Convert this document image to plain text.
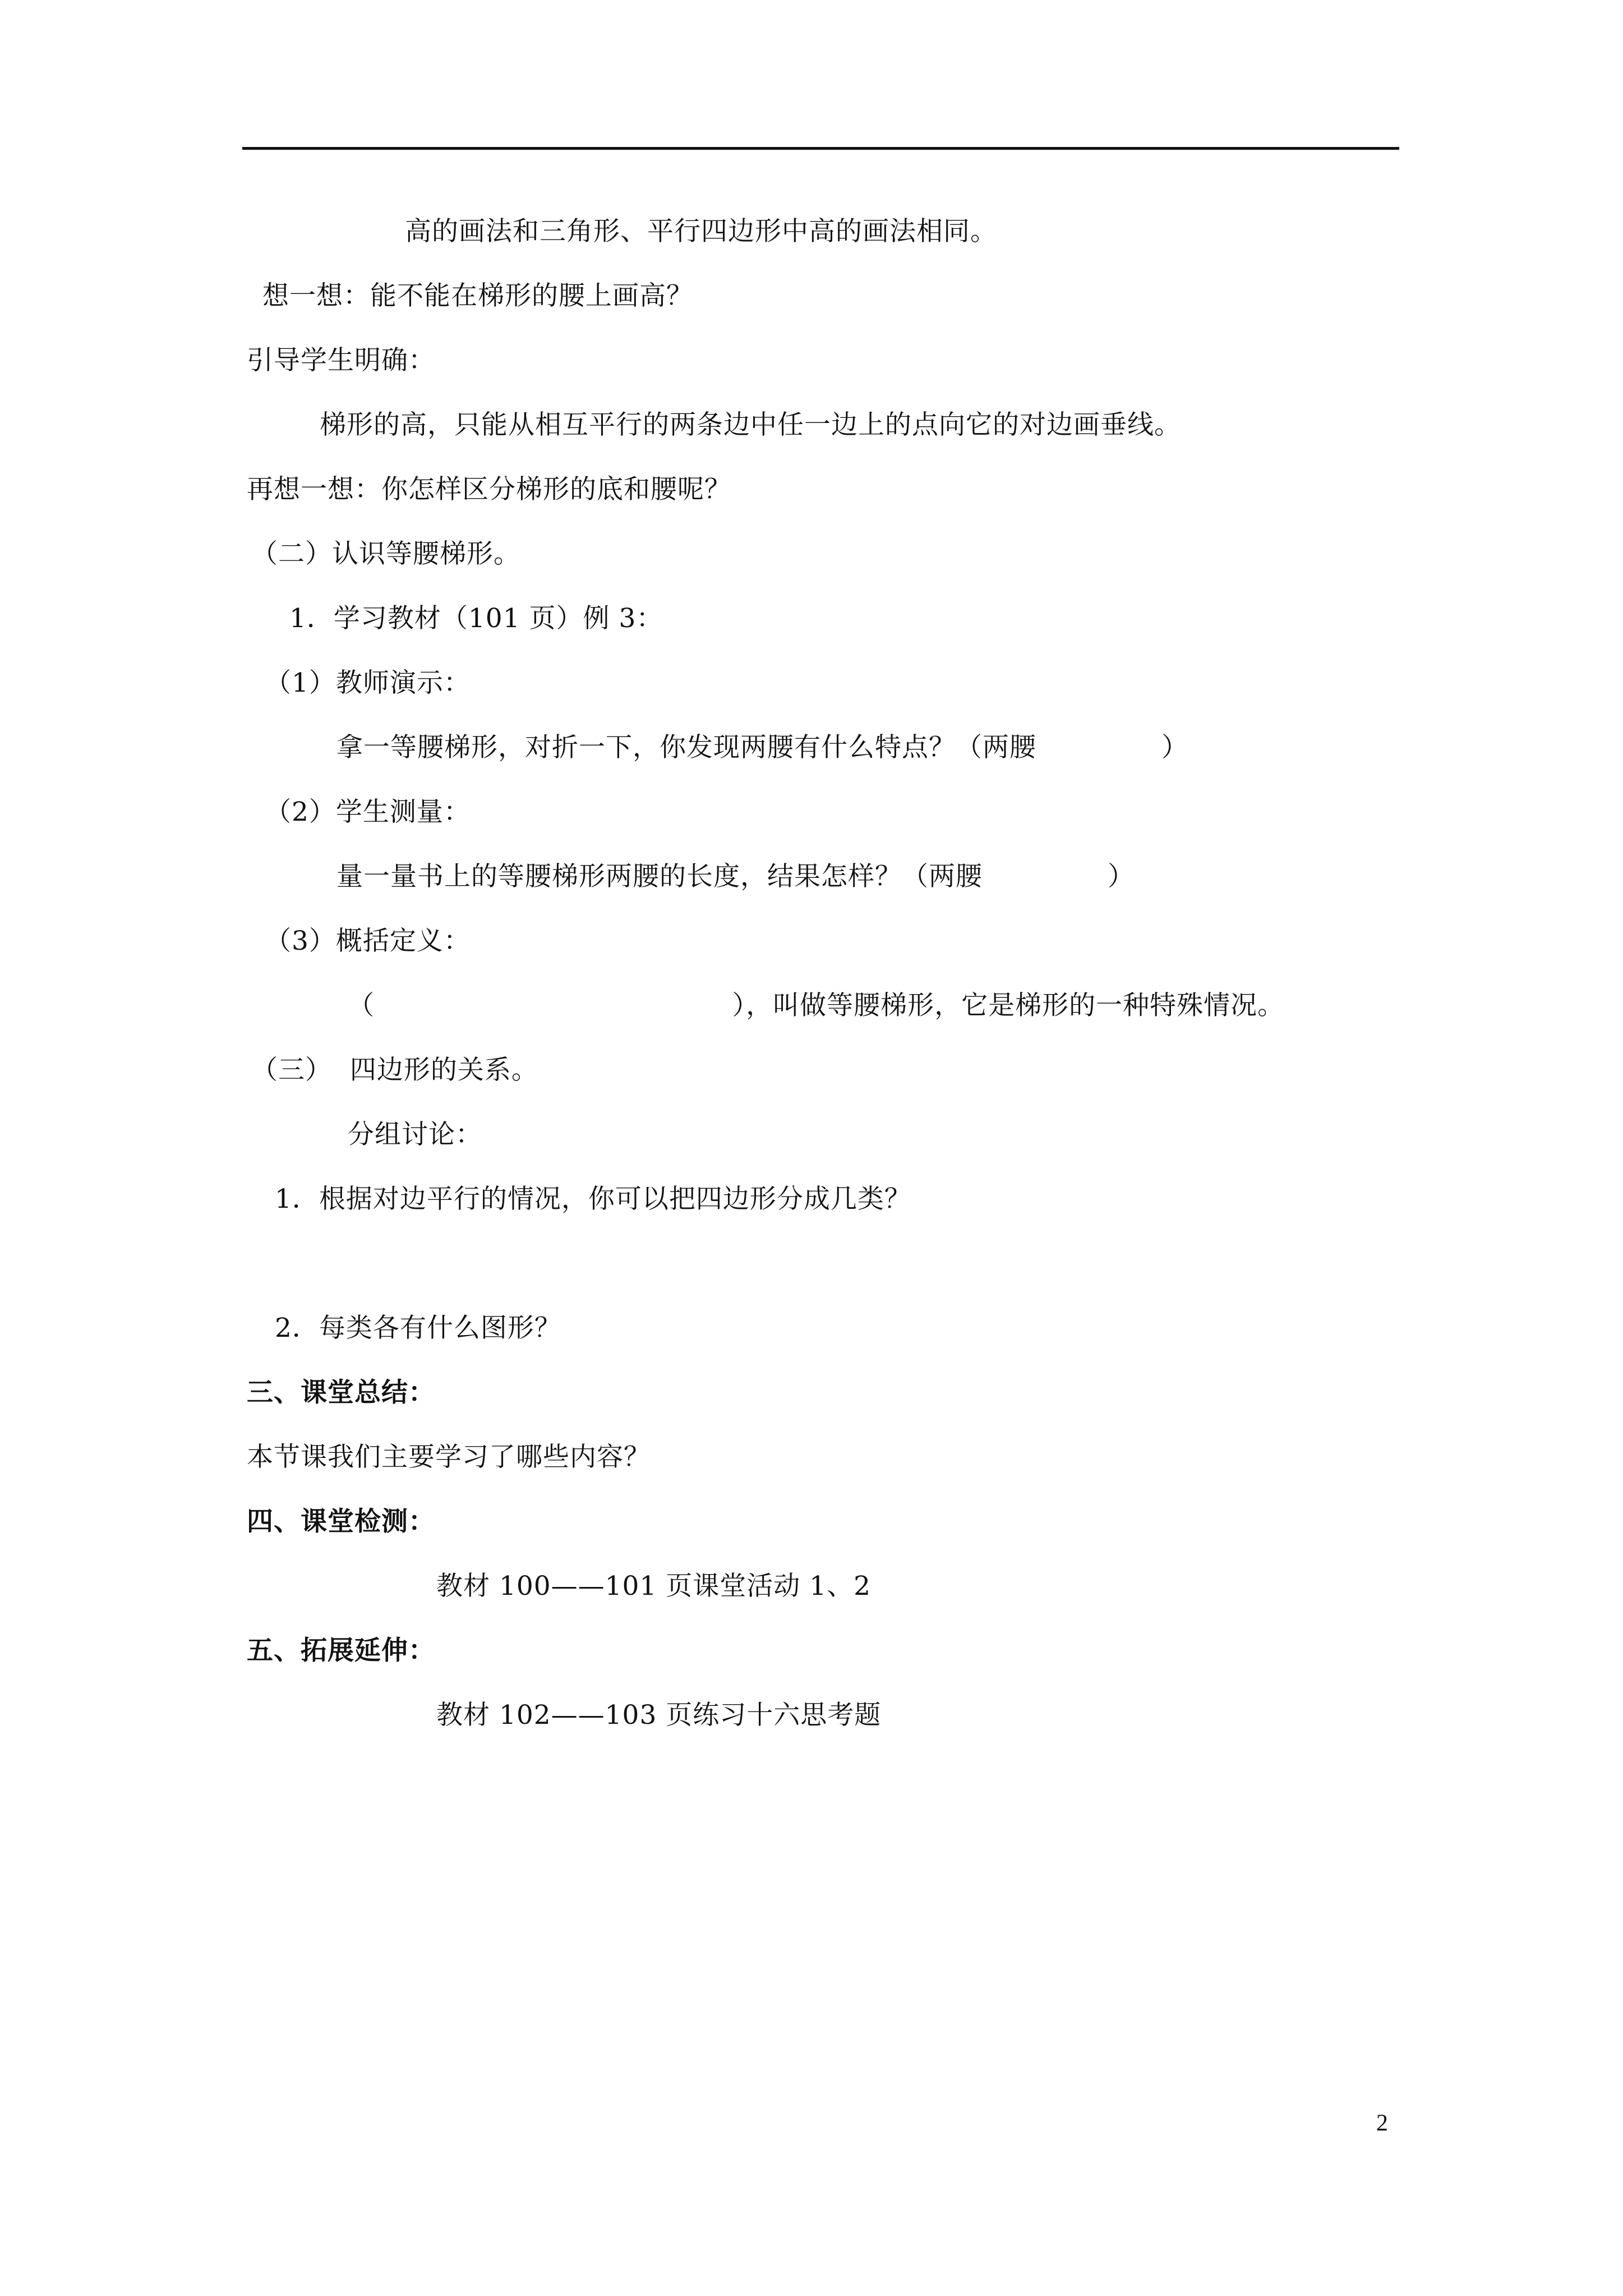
高的画法和三角形、平行四边形中高的画法相同。
想一想：能不能在梯形的腰上画高？
引导学生明确：
梯形的高，只能从相互平行的两条边中任一边上的点向它的对边画垂线。
再想一想：你怎样区分梯形的底和腰呢？
（二）认识等腰梯形。
1．学习教材（101 页）例 3：
（1）教师演示：
拿一等腰梯形，对折一下，你发现两腰有什么特点？（两腰              ）
（2）学生测量：
量一量书上的等腰梯形两腰的长度，结果怎样？（两腰              ）
（3）概括定义：
（                                        ），叫做等腰梯形，它是梯形的一种特殊情况。
（三）  四边形的关系。
分组讨论：
1．根据对边平行的情况，你可以把四边形分成几类？
2．每类各有什么图形？
三、课堂总结：
本节课我们主要学习了哪些内容？
四、课堂检测：
教材 100——101 页课堂活动 1、2
五、拓展延伸：
教材 102——103 页练习十六思考题
2
